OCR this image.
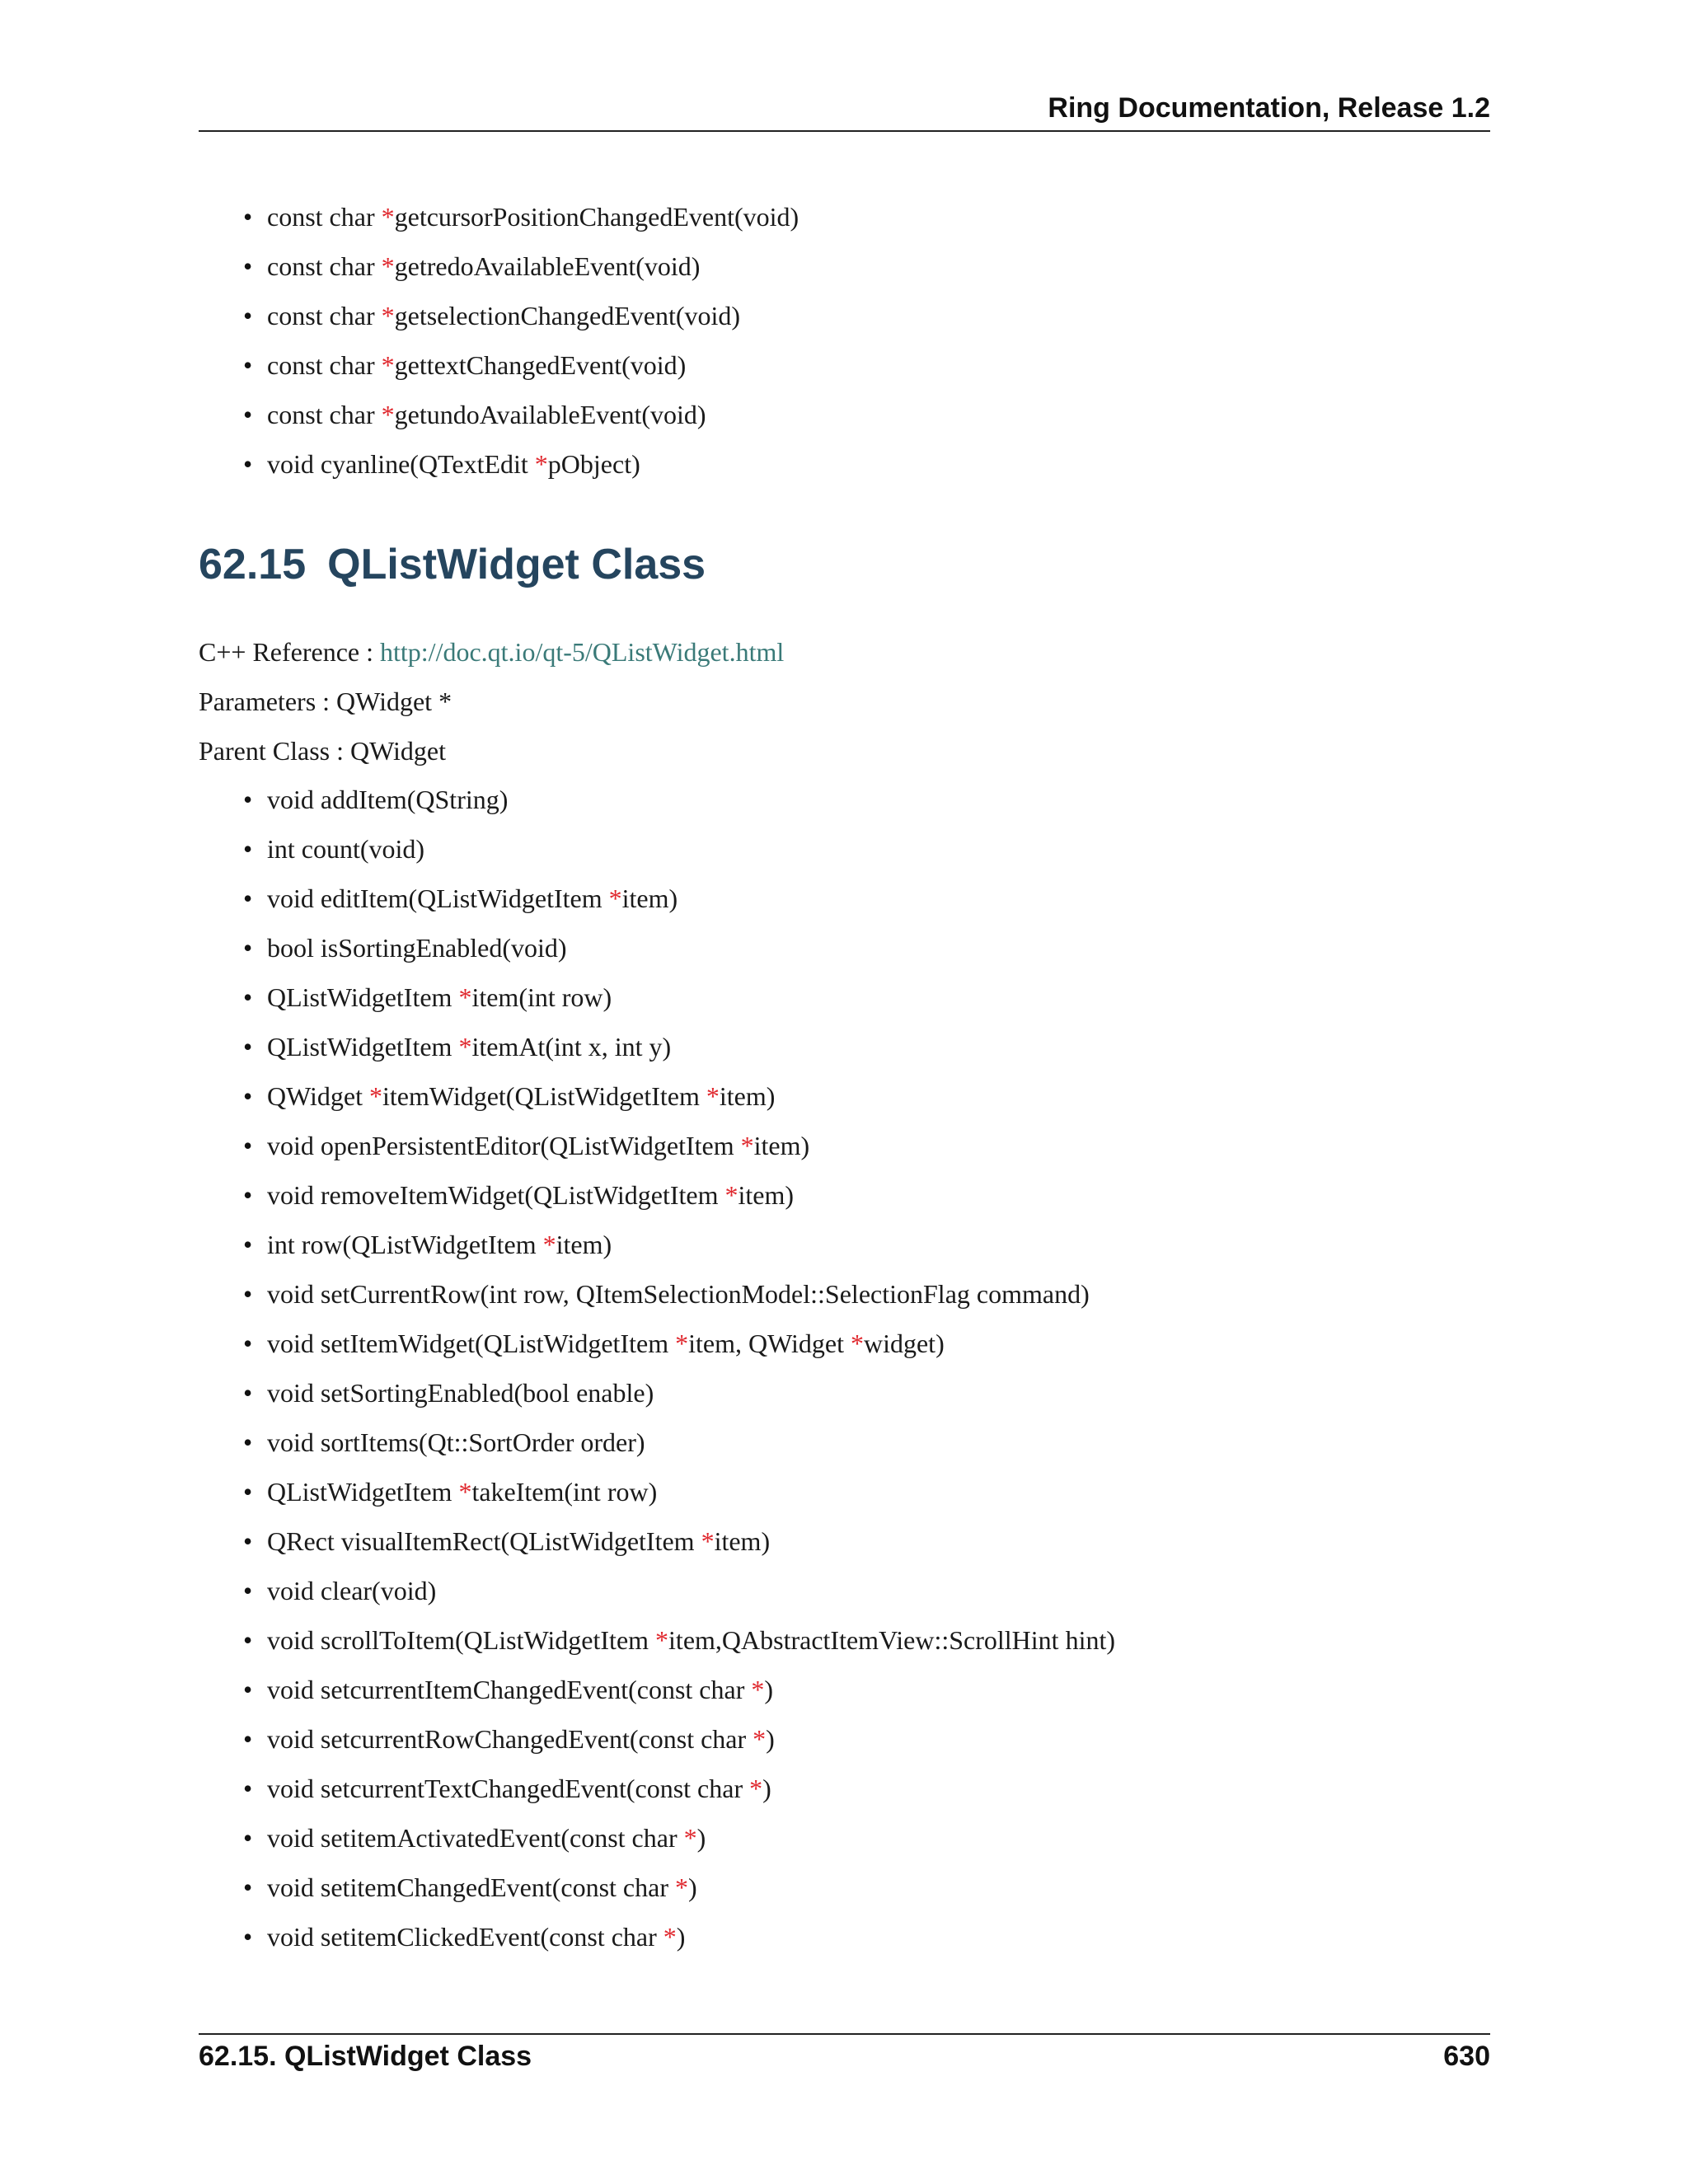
Ring Documentation, Release 1.2
• const char *getcursorPositionChangedEvent(void)
• const char *getredoAvailableEvent(void)
• const char *getselectionChangedEvent(void)
• const char *gettextChangedEvent(void)
• const char *getundoAvailableEvent(void)
• void cyanline(QTextEdit *pObject)
62.15 QListWidget Class
C++ Reference : http://doc.qt.io/qt-5/QListWidget.html
Parameters : QWidget *
Parent Class : QWidget
• void addItem(QString)
• int count(void)
• void editItem(QListWidgetItem *item)
• bool isSortingEnabled(void)
• QListWidgetItem *item(int row)
• QListWidgetItem *itemAt(int x, int y)
• QWidget *itemWidget(QListWidgetItem *item)
• void openPersistentEditor(QListWidgetItem *item)
• void removeItemWidget(QListWidgetItem *item)
• int row(QListWidgetItem *item)
• void setCurrentRow(int row, QItemSelectionModel::SelectionFlag command)
• void setItemWidget(QListWidgetItem *item, QWidget *widget)
• void setSortingEnabled(bool enable)
• void sortItems(Qt::SortOrder order)
• QListWidgetItem *takeItem(int row)
• QRect visualItemRect(QListWidgetItem *item)
• void clear(void)
• void scrollToItem(QListWidgetItem *item,QAbstractItemView::ScrollHint hint)
• void setcurrentItemChangedEvent(const char *)
• void setcurrentRowChangedEvent(const char *)
• void setcurrentTextChangedEvent(const char *)
• void setitemActivatedEvent(const char *)
• void setitemChangedEvent(const char *)
• void setitemClickedEvent(const char *)
62.15. QListWidget Class	630
